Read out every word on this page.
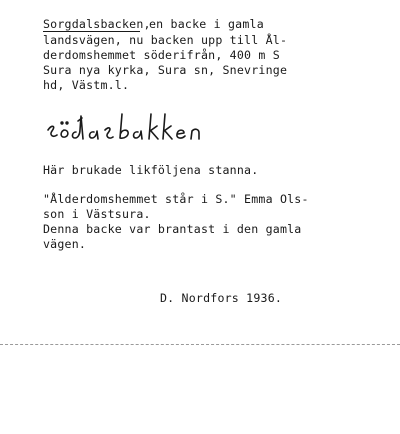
Sorgdalsbacken,
en backe i gamla
landsvägen, nu backen upp till Ål-
derdomshemmet söderifrån, 400 m S
Sura nya kyrka, Sura sn, Snevringe
hd, Västm.l.
Här brukade likföljena stanna.
"Ålderdomshemmet står i S." Emma Ols-
son i Västsura.
Denna backe var brantast i den gamla
vägen.
D. Nordfors 1936.
